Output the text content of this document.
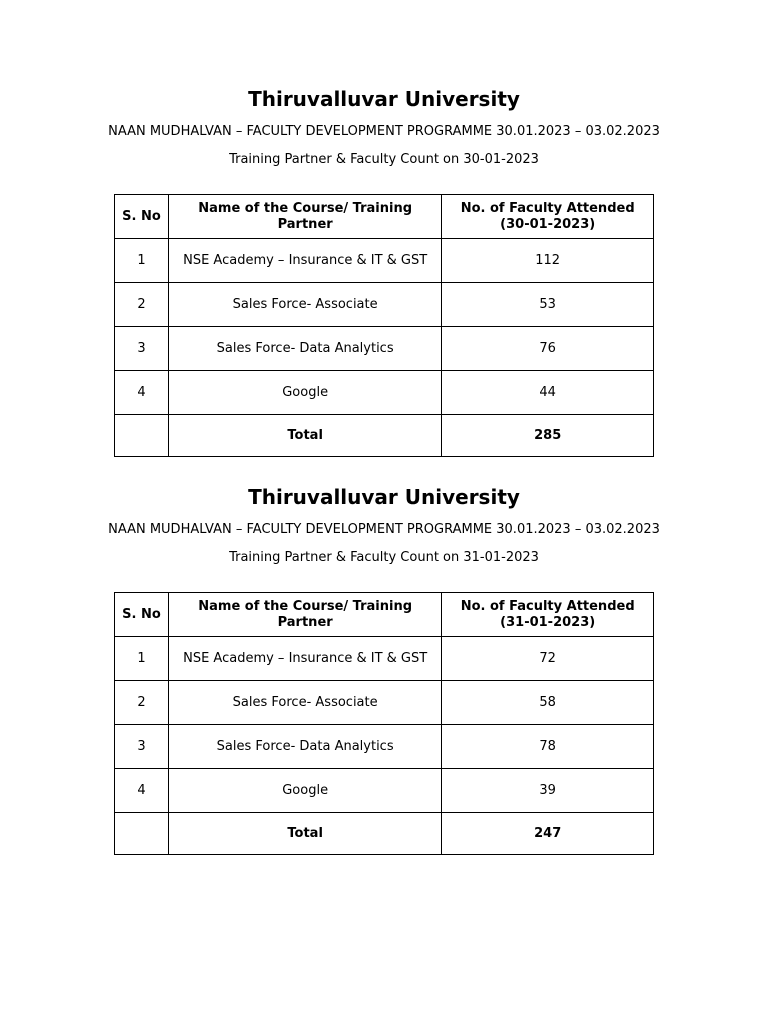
Thiruvalluvar University
NAAN MUDHALVAN – FACULTY DEVELOPMENT PROGRAMME 30.01.2023 – 03.02.2023
Training Partner & Faculty Count on 30-01-2023
S. No	Name of the Course/ Training Partner	No. of Faculty Attended (30-01-2023)
1	NSE Academy – Insurance & IT & GST	112
2	Sales Force- Associate	53
3	Sales Force- Data Analytics	76
4	Google	44
	Total	285
Thiruvalluvar University
NAAN MUDHALVAN – FACULTY DEVELOPMENT PROGRAMME 30.01.2023 – 03.02.2023
Training Partner & Faculty Count on 31-01-2023
S. No	Name of the Course/ Training Partner	No. of Faculty Attended (31-01-2023)
1	NSE Academy – Insurance & IT & GST	72
2	Sales Force- Associate	58
3	Sales Force- Data Analytics	78
4	Google	39
	Total	247
